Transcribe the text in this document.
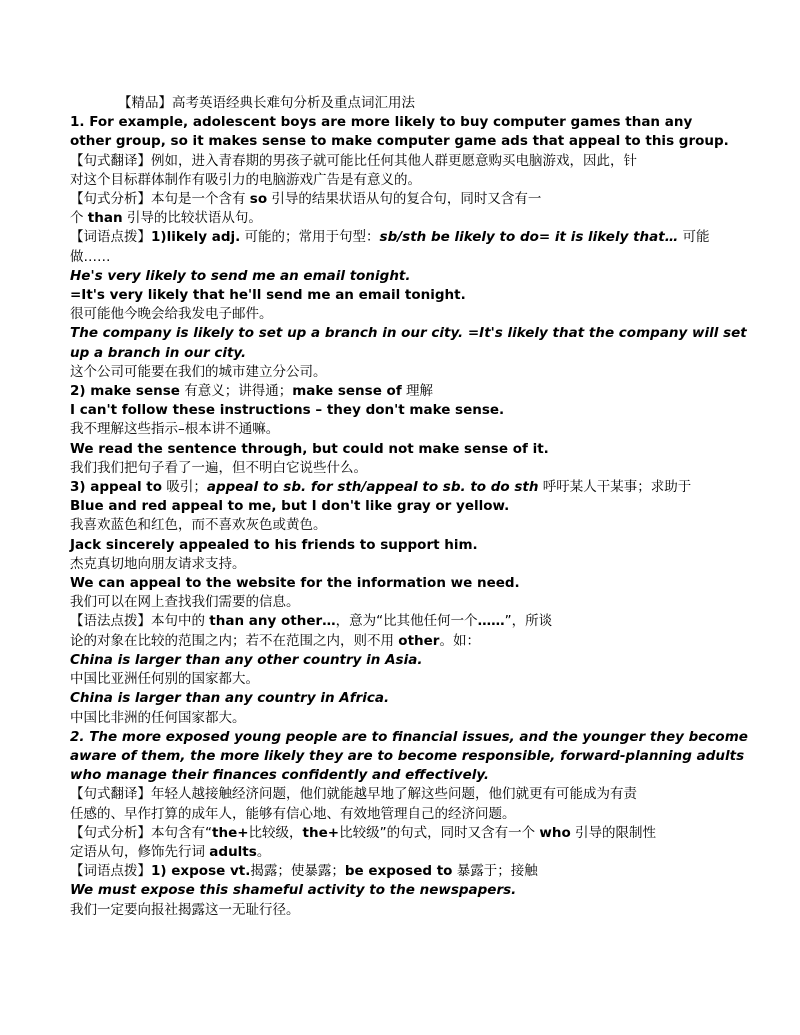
【精品】高考英语经典长难句分析及重点词汇用法
1. For example, adolescent boys are more likely to buy computer games than any
other group, so it makes sense to make computer game ads that appeal to this group.
【句式翻译】例如，进入青春期的男孩子就可能比任何其他人群更愿意购买电脑游戏，因此，针
对这个目标群体制作有吸引力的电脑游戏广告是有意义的。
【句式分析】本句是一个含有 so 引导的结果状语从句的复合句，同时又含有一
个 than 引导的比较状语从句。
【词语点拨】1)likely adj. 可能的；常用于句型：sb/sth be likely to do= it is likely that… 可能
做……
He's very likely to send me an email tonight.
=It's very likely that he'll send me an email tonight.
很可能他今晚会给我发电子邮件。
The company is likely to set up a branch in our city. =It's likely that the company will set
up a branch in our city.
这个公司可能要在我们的城市建立分公司。
2) make sense 有意义；讲得通；make sense of 理解
I can't follow these instructions – they don't make sense.
我不理解这些指示–根本讲不通嘛。
We read the sentence through, but could not make sense of it.
我们我们把句子看了一遍，但不明白它说些什么。
3) appeal to 吸引；appeal to sb. for sth/appeal to sb. to do sth 呼吁某人干某事；求助于
Blue and red appeal to me, but I don't like gray or yellow.
我喜欢蓝色和红色，而不喜欢灰色或黄色。
Jack sincerely appealed to his friends to support him.
杰克真切地向朋友请求支持。
We can appeal to the website for the information we need.
我们可以在网上查找我们需要的信息。
【语法点拨】本句中的 than any other…，意为“比其他任何一个……”，所谈
论的对象在比较的范围之内；若不在范围之内，则不用 other。如：
China is larger than any other country in Asia.
中国比亚洲任何别的国家都大。
China is larger than any country in Africa.
中国比非洲的任何国家都大。
2. The more exposed young people are to financial issues, and the younger they become
aware of them, the more likely they are to become responsible, forward-planning adults
who manage their finances confidently and effectively.
【句式翻译】年轻人越接触经济问题，他们就能越早地了解这些问题，他们就更有可能成为有责
任感的、早作打算的成年人，能够有信心地、有效地管理自己的经济问题。
【句式分析】本句含有“the+比较级，the+比较级”的句式，同时又含有一个 who 引导的限制性
定语从句，修饰先行词 adults。
【词语点拨】1) expose vt.揭露；使暴露；be exposed to 暴露于；接触
We must expose this shameful activity to the newspapers.
我们一定要向报社揭露这一无耻行径。
